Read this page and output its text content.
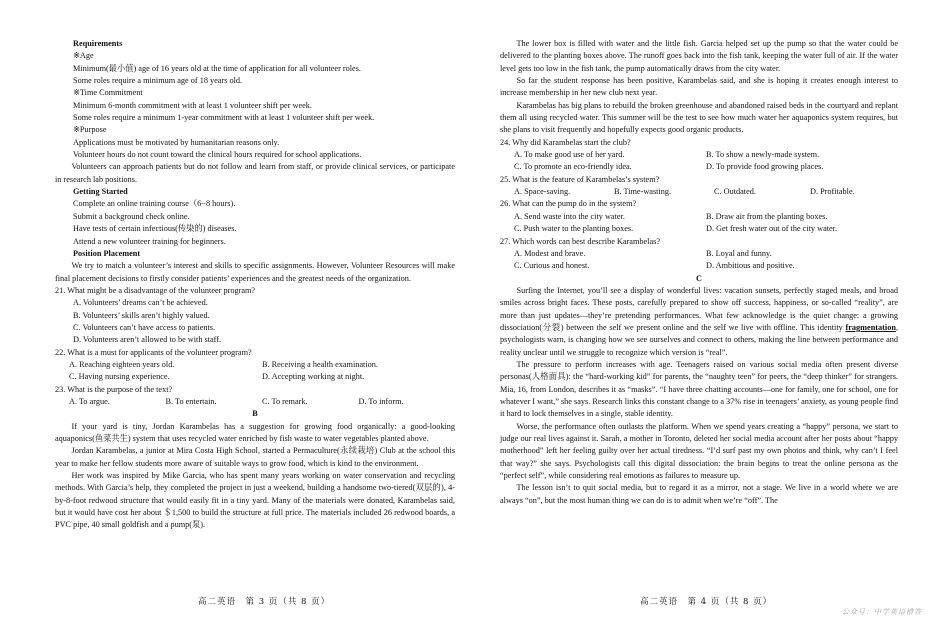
Requirements

※Age

Minimum(最小值) age of 16 years old at the time of application for all volunteer roles.

Some roles require a minimum age of 18 years old.

※Time Commitment

Minimum 6-month commitment with at least 1 volunteer shift per week.

Some roles require a minimum 1-year commitment with at least 1 volunteer shift per week.

※Purpose

Applications must be motivated by humanitarian reasons only.

Volunteer hours do not count toward the clinical hours required for school applications.

Volunteers can approach patients but do not follow and learn from staff, or provide clinical services, or participate in research lab positions.

Getting Started

Complete an online training course（6−8 hours).

Submit a background check online.

Have tests of certain infectious(传染的) diseases.

Attend a new volunteer training for beginners.

Position Placement

We try to match a volunteer’s interest and skills to specific assignments. However, Volunteer Resources will make final placement decisions to firstly consider patients’ experiences and the greatest needs of the organization.

21. What might be a disadvantage of the volunteer program?

A. Volunteers’ dreams can’t be achieved.

B. Volunteers’ skills aren’t highly valued.

C. Volunteers can’t have access to patients.

D. Volunteers aren’t allowed to be with staff.

22. What is a must for applicants of the volunteer program?

A. Reaching eighteen years old.	B. Receiving a health examination.
C. Having nursing experience.	D. Accepting working at night.

23. What is the purpose of the text?

A. To argue.	B. To entertain.	C. To remark.	D. To inform.

B

If your yard is tiny, Jordan Karambelas has a suggestion for growing food organically: a good-looking aquaponics(鱼菜共生) system that uses recycled water enriched by fish waste to water vegetables planted above.

Jordan Karambelas, a junior at Mira Costa High School, started a Permaculture(永续栽培) Club at the school this year to make her fellow students more aware of suitable ways to grow food, which is kind to the environment.

Her work was inspired by Mike Garcia, who has spent many years working on water conservation and recycling methods. With Garcia’s help, they completed the project in just a weekend, building a handsome two-tiered(双层的), 4-by-8-foot redwood structure that would easily fit in a tiny yard. Many of the materials were donated, Karambelas said, but it would have cost her about ＄1,500 to build the structure at full price. The materials included 26 redwood boards, a PVC pipe, 40 small goldfish and a pump(泵).

The lower box is filled with water and the little fish. Garcia helped set up the pump so that the water could be delivered to the planting boxes above. The runoff goes back into the fish tank, keeping the water full of air. If the water level gets too low in the fish tank, the pump automatically draws from the city water.

So far the student response has been positive, Karambelas said, and she is hoping it creates enough interest to increase membership in her new club next year.

Karambelas has big plans to rebuild the broken greenhouse and abandoned raised beds in the courtyard and replant them all using recycled water. This summer will be the test to see how much water her aquaponics system requires, but she plans to visit frequently and hopefully expects good organic products.

24. Why did Karambelas start the club?

A. To make good use of her yard.	B. To show a newly-made system.
C. To promote an eco-friendly idea.	D. To provide food growing places.

25. What is the feature of Karambelas’s system?

A. Space-saving.	B. Time-wasting.	C. Outdated.	D. Profitable.

26. What can the pump do in the system?

A. Send waste into the city water.	B. Draw air from the planting boxes.
C. Push water to the planting boxes.	D. Get fresh water out of the city water.

27. Which words can best describe Karambelas?

A. Modest and brave.	B. Loyal and funny.
C. Curious and honest.	D. Ambitious and positive.

C

Surfing the Internet, you’ll see a display of wonderful lives: vacation sunsets, perfectly staged meals, and broad smiles across bright faces. These posts, carefully prepared to show off success, happiness, or so-called “reality”, are more than just updates—they’re pretending performances. What few acknowledge is the quiet change: a growing dissociation(分裂) between the self we present online and the self we live with offline. This identity fragmentation, psychologists warn, is changing how we see ourselves and connect to others, making the line between performance and reality unclear until we struggle to recognize which version is “real”.

The pressure to perform increases with age. Teenagers raised on various social media often present diverse personas(人格面具): the “hard-working kid” for parents, the “naughty teen” for peers, the “deep thinker” for strangers. Mia, 16, from London, describes it as “masks”. “I have three chatting accounts—one for family, one for school, one for whatever I want,” she says. Research links this constant change to a 37% rise in teenagers’ anxiety, as young people find it hard to lock themselves in a single, stable identity.

Worse, the performance often outlasts the platform. When we spend years creating a “happy” persona, we start to judge our real lives against it. Sarah, a mother in Toronto, deleted her social media account after her posts about “happy motherhood” left her feeling guilty over her actual tiredness. “I’d surf past my own photos and think, why can’t I feel that way?” she says. Psychologists call this digital dissociation: the brain begins to treat the online persona as the “perfect self”, while considering real emotions as failures to measure up.

The lesson isn’t to quit social media, but to regard it as a mirror, not a stage. We live in a world where we are always “on”, but the most human thing we can do is to admit when we’re “off”. The

高二英语　第 3 页（共 8 页）	高二英语　第 4 页（共 8 页）
公众号：中学英语错答
